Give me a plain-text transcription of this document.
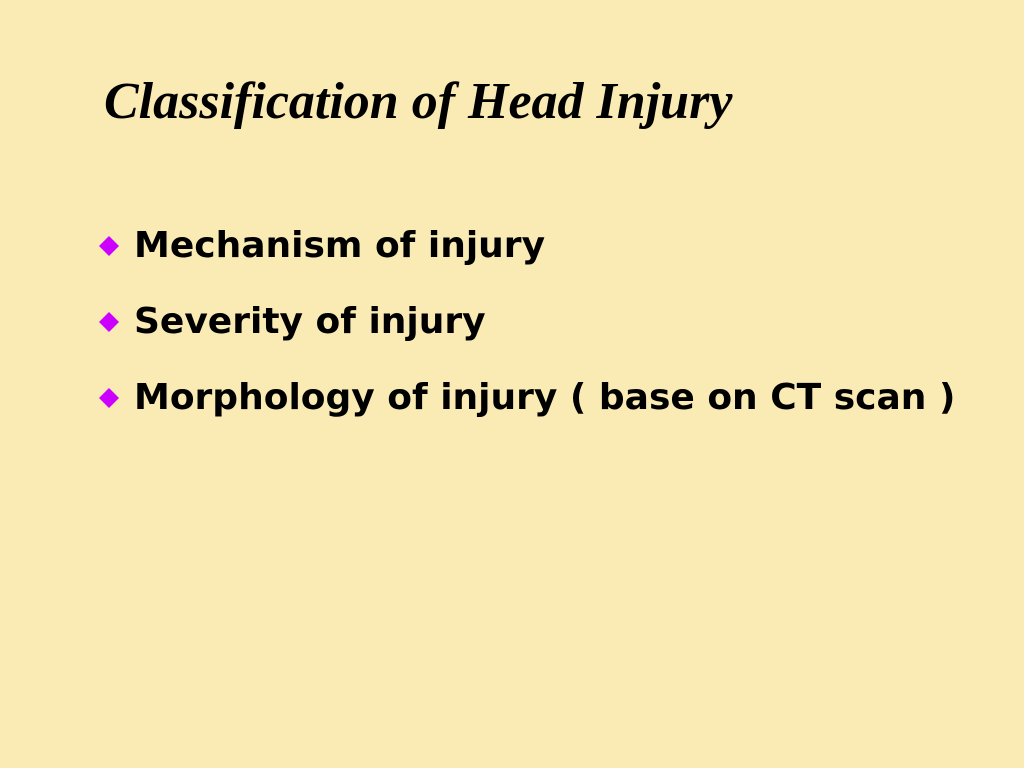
Classification of Head Injury
Mechanism of injury
Severity of injury
Morphology of injury ( base on CT scan )
